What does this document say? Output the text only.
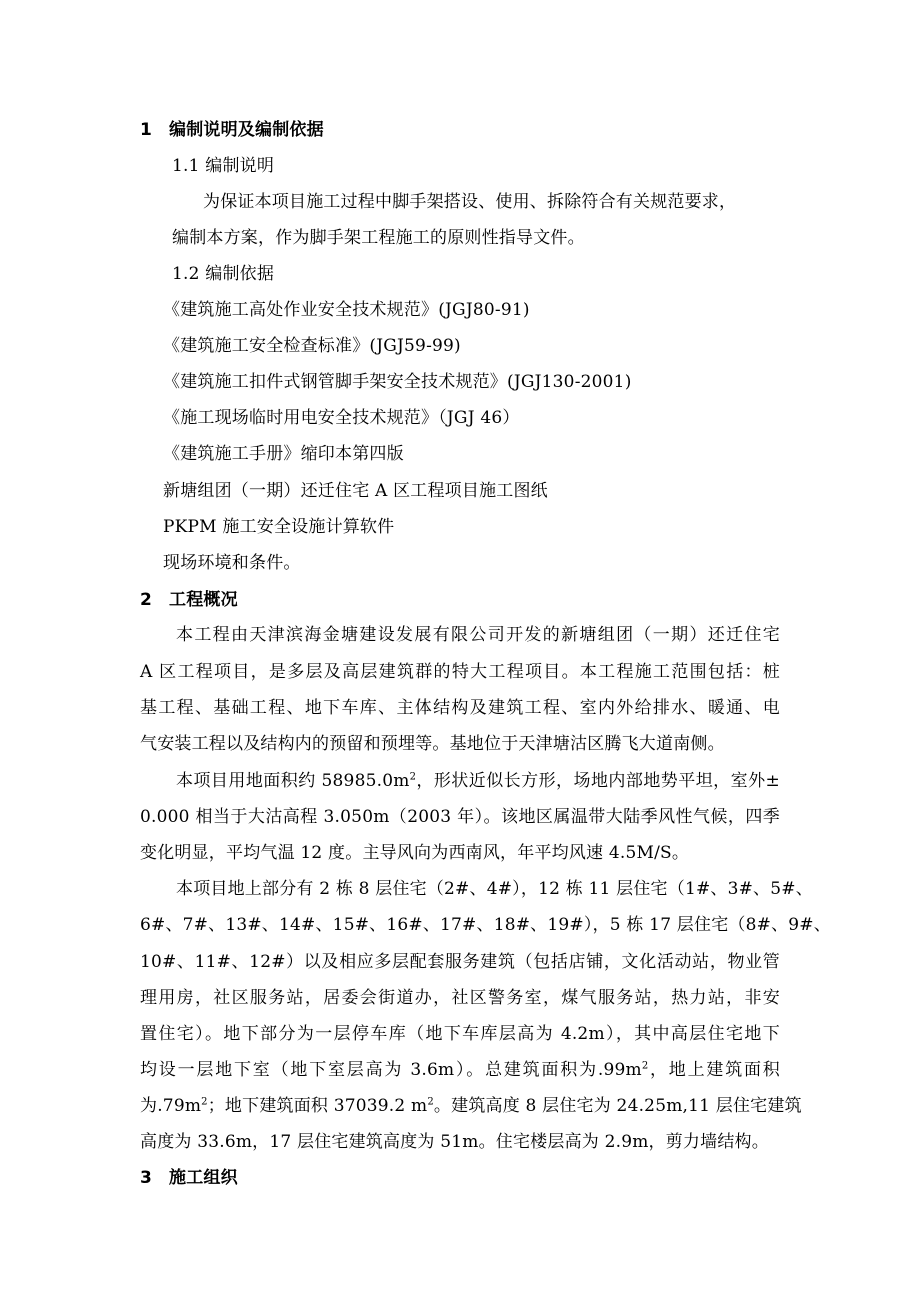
1 编制说明及编制依据
1.1 编制说明
为保证本项目施工过程中脚手架搭设、使用、拆除符合有关规范要求，
编制本方案，作为脚手架工程施工的原则性指导文件。
1.2 编制依据
《建筑施工高处作业安全技术规范》(JGJ80-91)
《建筑施工安全检查标准》(JGJ59-99)
《建筑施工扣件式钢管脚手架安全技术规范》(JGJ130-2001)
《施工现场临时用电安全技术规范》（JGJ 46）
《建筑施工手册》缩印本第四版
新塘组团（一期）还迁住宅 A 区工程项目施工图纸
PKPM 施工安全设施计算软件
现场环境和条件。
2 工程概况
本工程由天津滨海金塘建设发展有限公司开发的新塘组团（一期）还迁住宅
A 区工程项目，是多层及高层建筑群的特大工程项目。本工程施工范围包括：桩
基工程、基础工程、地下车库、主体结构及建筑工程、室内外给排水、暖通、电
气安装工程以及结构内的预留和预埋等。基地位于天津塘沽区腾飞大道南侧。
本项目用地面积约 $58985.0m^2$，形状近似长方形，场地内部地势平坦，室外±
0.000 相当于大沽高程 3.050m（2003 年）。该地区属温带大陆季风性气候，四季
变化明显，平均气温 12 度。主导风向为西南风，年平均风速 4.5M/S。
本项目地上部分有 2 栋 8 层住宅（2#、4#），12 栋 11 层住宅（1#、3#、5#、
6#、7#、13#、14#、15#、16#、17#、18#、19#），5 栋 17 层住宅（8#、9#、
10#、11#、12#）以及相应多层配套服务建筑（包括店铺，文化活动站，物业管
理用房，社区服务站，居委会街道办，社区警务室，煤气服务站，热力站，非安
置住宅）。地下部分为一层停车库（地下车库层高为 4.2m），其中高层住宅地下
均设一层地下室（地下室层高为 3.6m）。总建筑面积为$.99m^2$，地上建筑面积
为$.79m^2$；地下建筑面积 37039.2 $m^2$。建筑高度 8 层住宅为 24.25m,11 层住宅建筑
高度为 33.6m，17 层住宅建筑高度为 51m。住宅楼层高为 2.9m，剪力墙结构。
3 施工组织
